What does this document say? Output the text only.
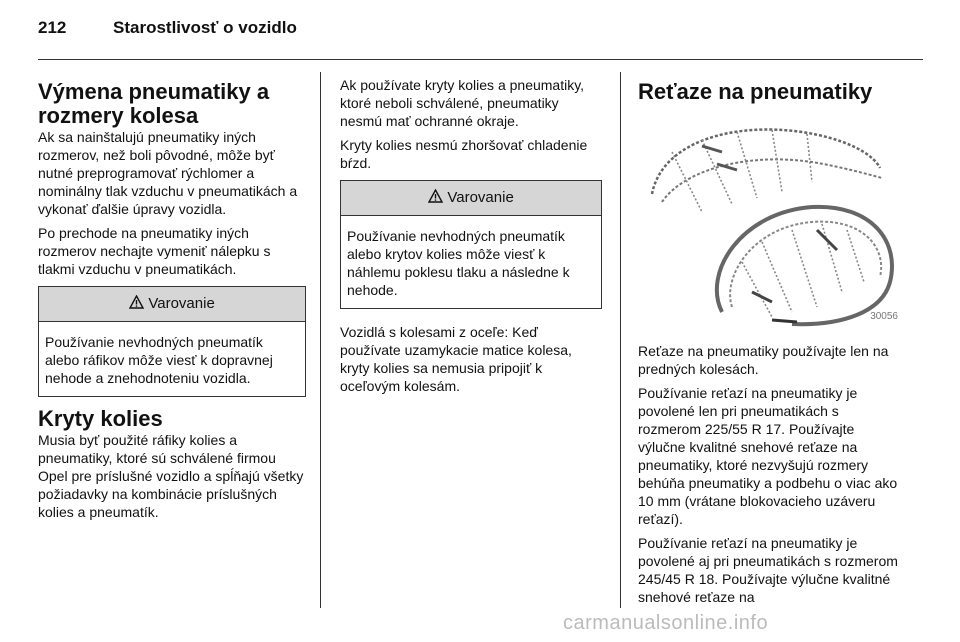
212	Starostlivosť o vozidlo
Výmena pneumatiky a rozmery kolesa

Ak sa nainštalujú pneumatiky iných rozmerov, než boli pôvodné, môže byť nutné preprogramovať rýchlomer a nominálny tlak vzduchu v pneumatikách a vykonať ďalšie úpravy vozidla.

Po prechode na pneumatiky iných rozmerov nechajte vymeniť nálepku s tlakmi vzduchu v pneumatikách.

Varovanie
Používanie nevhodných pneumatík alebo ráfikov môže viesť k dopravnej nehode a znehodnoteniu vozidla.
Kryty kolies

Musia byť použité ráfiky kolies a pneumatiky, ktoré sú schválené firmou Opel pre príslušné vozidlo a spĺňajú všetky požiadavky na kombinácie príslušných kolies a pneumatík.

Ak používate kryty kolies a pneumatiky, ktoré neboli schválené, pneumatiky nesmú mať ochranné okraje.

Kryty kolies nesmú zhoršovať chladenie bŕzd.

Varovanie
Používanie nevhodných pneumatík alebo krytov kolies môže viesť k náhlemu poklesu tlaku a následne k nehode.

Vozidlá s kolesami z oceľe: Keď používate uzamykacie matice kolesa, kryty kolies sa nemusia pripojiť k oceľovým kolesám.

Reťaze na pneumatiky
30056

Reťaze na pneumatiky používajte len na predných kolesách.

Používanie reťazí na pneumatiky je povolené len pri pneumatikách s rozmerom 225/55 R 17. Používajte výlučne kvalitné snehové reťaze na pneumatiky, ktoré nezvyšujú rozmery behúňa pneumatiky a podbehu o viac ako 10 mm (vrátane blokovacieho uzáveru reťazí).

Používanie reťazí na pneumatiky je povolené aj pri pneumatikách s rozmerom 245/45 R 18. Používajte výlučne kvalitné snehové reťaze na

carmanualsonline.info
